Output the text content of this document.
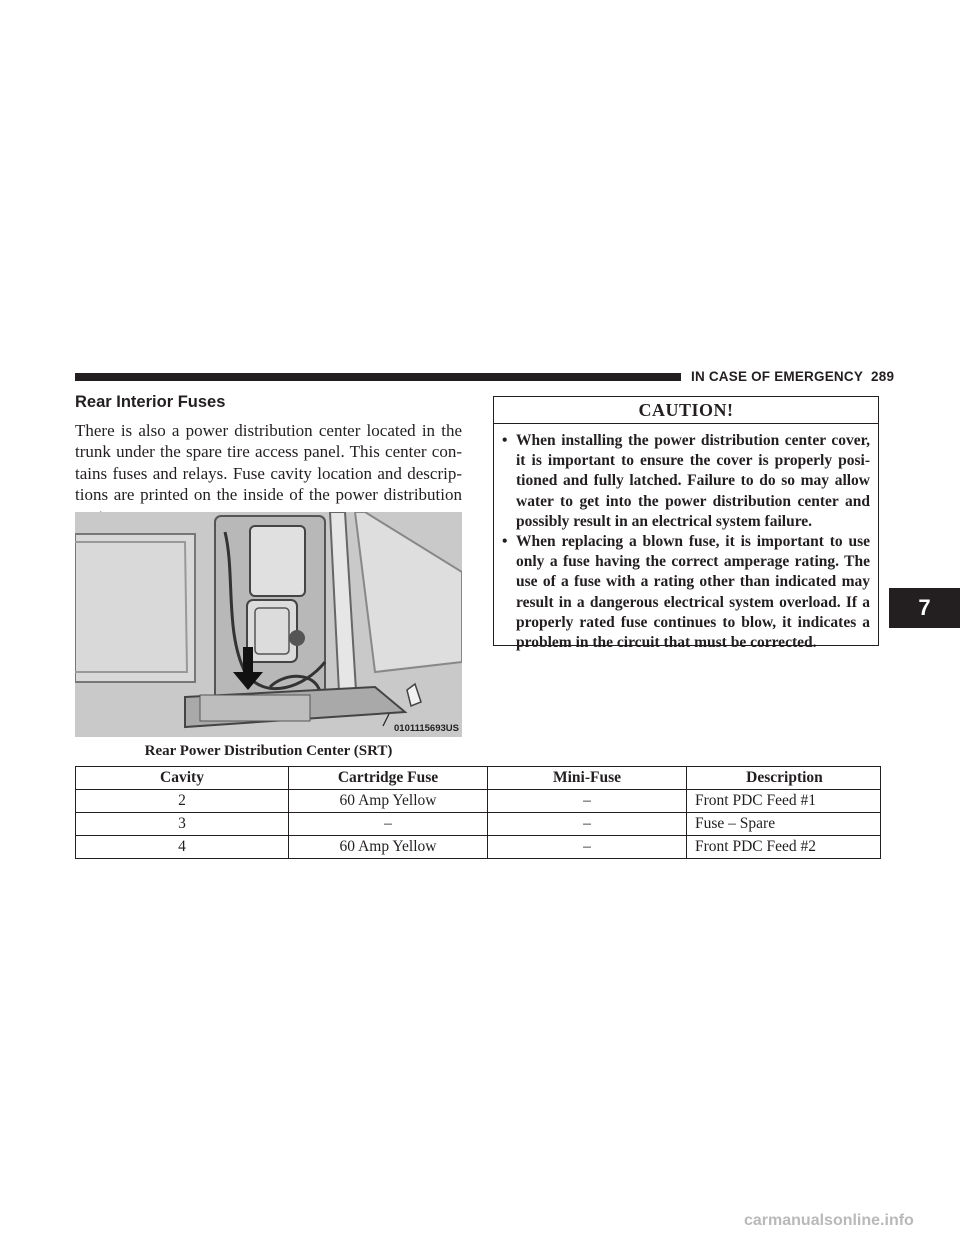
IN CASE OF EMERGENCY 289
Rear Interior Fuses

There is also a power distribution center located in the trunk under the spare tire access panel. This center con-tains fuses and relays. Fuse cavity location and descrip-tions are printed on the inside of the power distribution

0101115693US
Rear Power Distribution Center (SRT)
CAUTION!
• When installing the power distribution center cover, it is important to ensure the cover is properly posi-tioned and fully latched. Failure to do so may allow water to get into the power distribution center and possibly result in an electrical system failure.
• When replacing a blown fuse, it is important to use only a fuse having the correct amperage rating. The use of a fuse with a rating other than indicated may result in a dangerous electrical system overload. If a properly rated fuse continues to blow, it indicates a problem in the circuit that must be corrected.
7
Cavity	Cartridge Fuse	Mini-Fuse	Description
2	60 Amp Yellow	–	Front PDC Feed #1
3	–	–	Fuse – Spare
4	60 Amp Yellow	–	Front PDC Feed #2
carmanualsonline.info
